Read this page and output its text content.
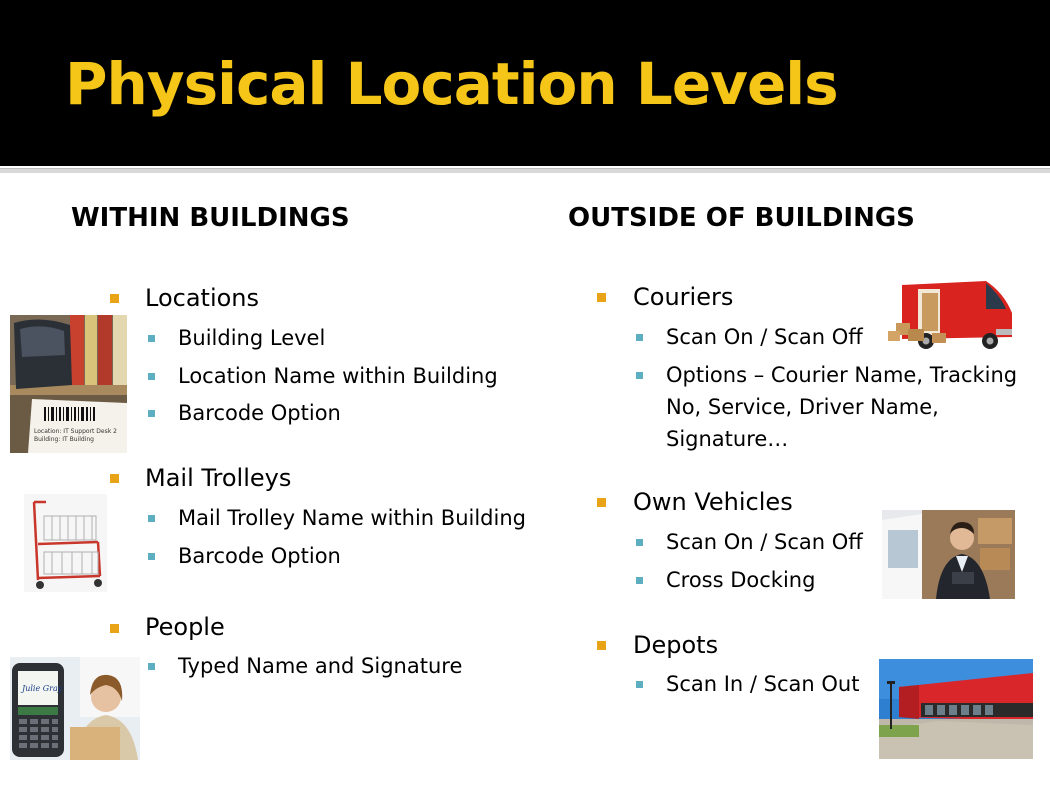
Physical Location Levels
WITHIN BUILDINGS
Locations
Building Level
Location Name within Building
Barcode Option
Mail Trolleys
Mail Trolley Name within Building
Barcode Option
People
Typed Name and Signature
OUTSIDE OF BUILDINGS
Couriers
Scan On / Scan Off
Options – Courier Name, Tracking
No, Service, Driver Name,
Signature…
Own Vehicles
Scan On / Scan Off
Cross Docking
Depots
Scan In / Scan Out
Location: IT Support Desk 2
Building: IT Building
Julie Gray
